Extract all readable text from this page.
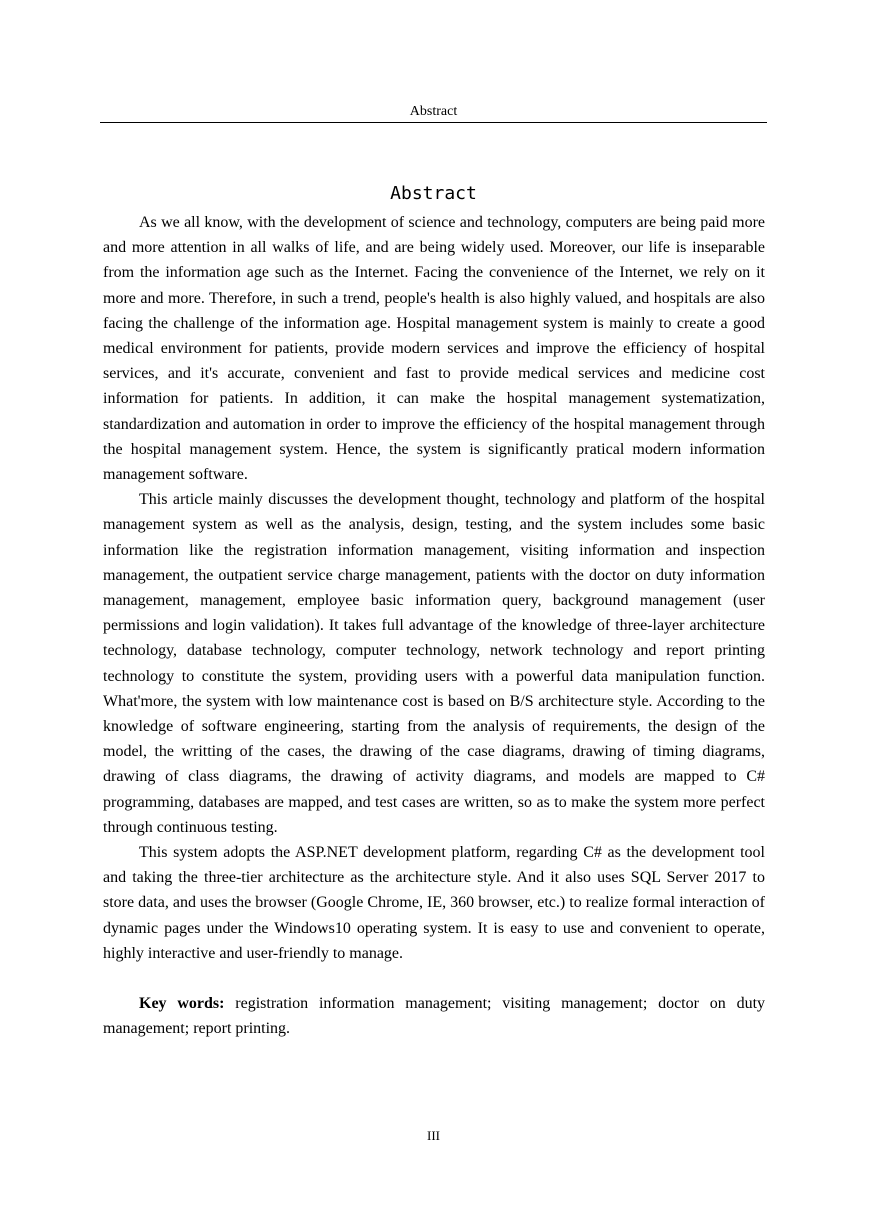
Abstract
Abstract

As we all know, with the development of science and technology, computers are being paid more and more attention in all walks of life, and are being widely used. Moreover, our life is inseparable from the information age such as the Internet. Facing the convenience of the Internet, we rely on it more and more. Therefore, in such a trend, people's health is also highly valued, and hospitals are also facing the challenge of the information age. Hospital management system is mainly to create a good medical environment for patients, provide modern services and improve the efficiency of hospital services, and it's accurate, convenient and fast to provide medical services and medicine cost information for patients. In addition, it can make the hospital management systematization, standardization and automation in order to improve the efficiency of the hospital management through the hospital management system. Hence, the system is significantly pratical modern information management software.

This article mainly discusses the development thought, technology and platform of the hospital management system as well as the analysis, design, testing, and the system includes some basic information like the registration information management, visiting information and inspection management, the outpatient service charge management, patients with the doctor on duty information management, management, employee basic information query, background management (user permissions and login validation). It takes full advantage of the knowledge of three-layer architecture technology, database technology, computer technology, network technology and report printing technology to constitute the system, providing users with a powerful data manipulation function. What'more, the system with low maintenance cost is based on B/S architecture style. According to the knowledge of software engineering, starting from the analysis of requirements, the design of the model, the writting of the cases, the drawing of the case diagrams, drawing of timing diagrams, drawing of class diagrams, the drawing of activity diagrams, and models are mapped to C# programming, databases are mapped, and test cases are written, so as to make the system more perfect through continuous testing.

This system adopts the ASP.NET development platform, regarding C# as the development tool and taking the three-tier architecture as the architecture style. And it also uses SQL Server 2017 to store data, and uses the browser (Google Chrome, IE, 360 browser, etc.) to realize formal interaction of dynamic pages under the Windows10 operating system. It is easy to use and convenient to operate, highly interactive and user-friendly to manage.

Key words: registration information management; visiting management; doctor on duty management; report printing.

III
